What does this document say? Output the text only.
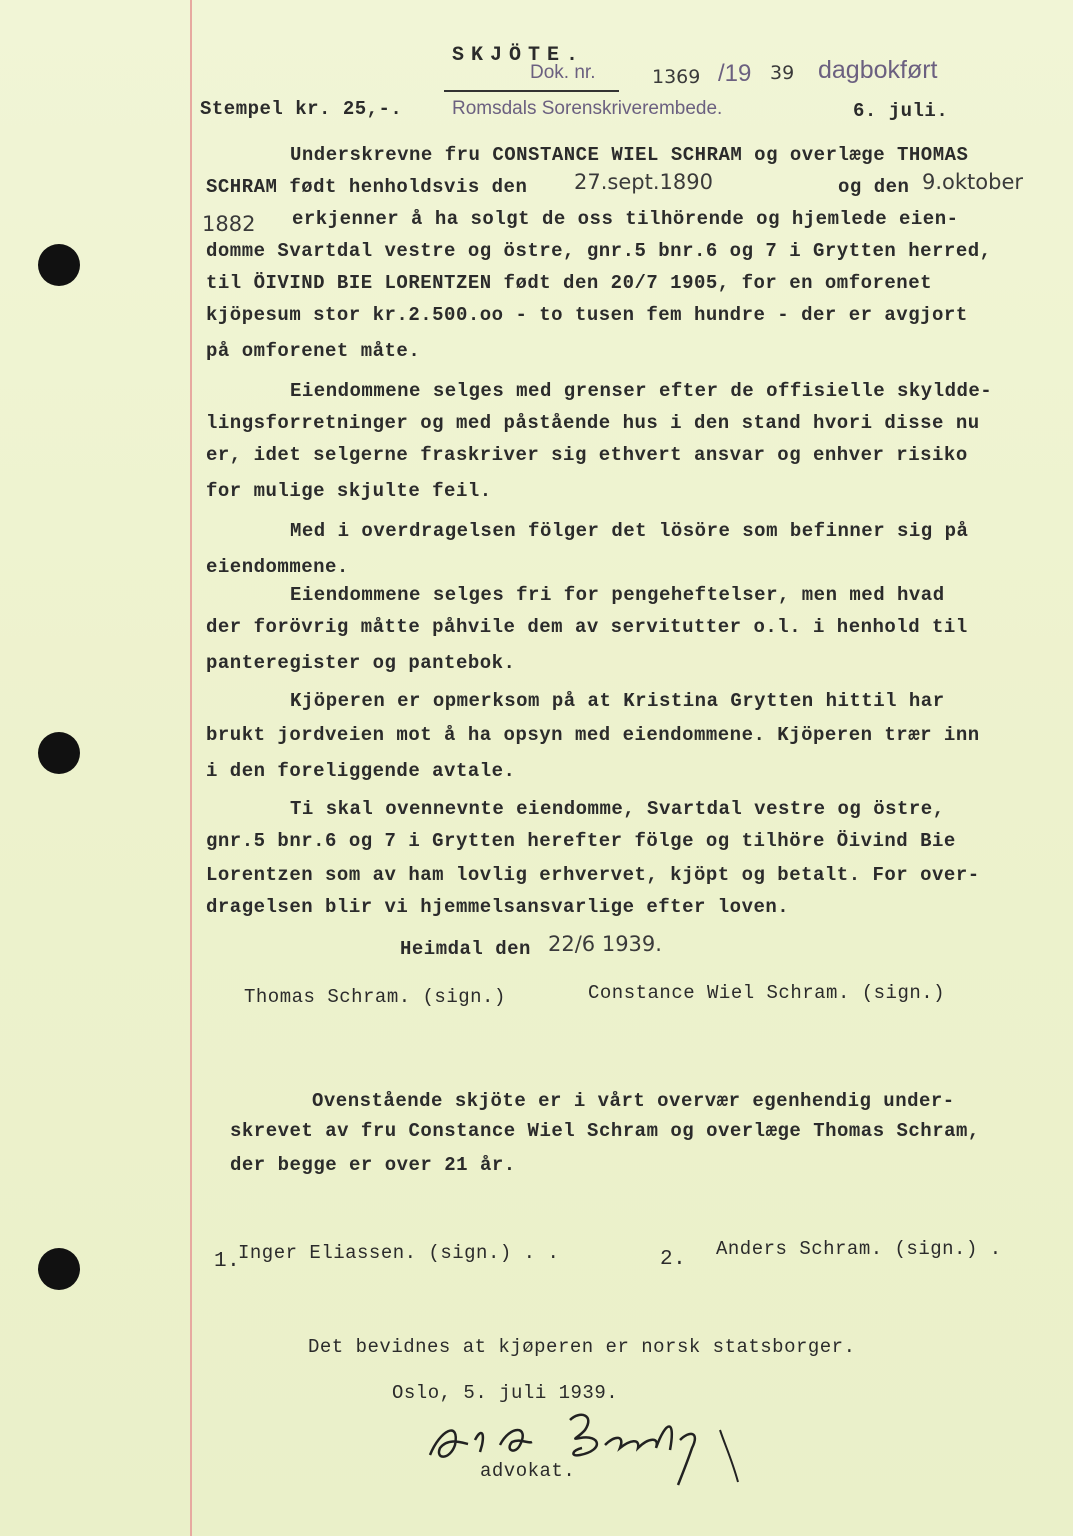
SKJÖTE.
Dok. nr.	1369 /19 39 dagbokført
Romsdals Sorenskriverembede.	6. juli.
Stempel kr. 25,-.
Underskrevne fru CONSTANCE WIEL SCHRAM og overlæge THOMAS
SCHRAM født henholdsvis den 27.sept.1890	og den 9.oktober
1882 erkjenner å ha solgt de oss tilhörende og hjemlede eien-
domme Svartdal vestre og östre, gnr.5 bnr.6 og 7 i Grytten herred,
til ÖIVIND BIE LORENTZEN født den 20/7 1905, for en omforenet
kjöpesum stor kr.2.500.oo - to tusen fem hundre - der er avgjort
på omforenet måte.
Eiendommene selges med grenser efter de offisielle skyldde-
lingsforretninger og med påstående hus i den stand hvori disse nu
er, idet selgerne fraskriver sig ethvert ansvar og enhver risiko
for mulige skjulte feil.
Med i overdragelsen fölger det lösöre som befinner sig på
eiendommene.
Eiendommene selges fri for pengeheftelser, men med hvad
der forövrig måtte påhvile dem av servitutter o.l. i henhold til
panteregister og pantebok.
Kjöperen er opmerksom på at Kristina Grytten hittil har
brukt jordveien mot å ha opsyn med eiendommene. Kjöperen trær inn
i den foreliggende avtale.
Ti skal ovennevnte eiendomme, Svartdal vestre og östre,
gnr.5 bnr.6 og 7 i Grytten herefter fölge og tilhöre Öivind Bie
Lorentzen som av ham lovlig erhvervet, kjöpt og betalt. For over-
dragelsen blir vi hjemmelsansvarlige efter loven.
Heimdal den 22/6 1939.
Thomas Schram. (sign.)	Constance Wiel Schram. (sign.)
Ovenstående skjöte er i vårt overvær egenhendig under-
skrevet av fru Constance Wiel Schram og overlæge Thomas Schram,
der begge er over 21 år.
1.
Inger Eliassen. (sign.) . .	2. Anders Schram. (sign.) .
Det bevidnes at kjøperen er norsk statsborger.
Oslo, 5. juli 1939.
advokat.
